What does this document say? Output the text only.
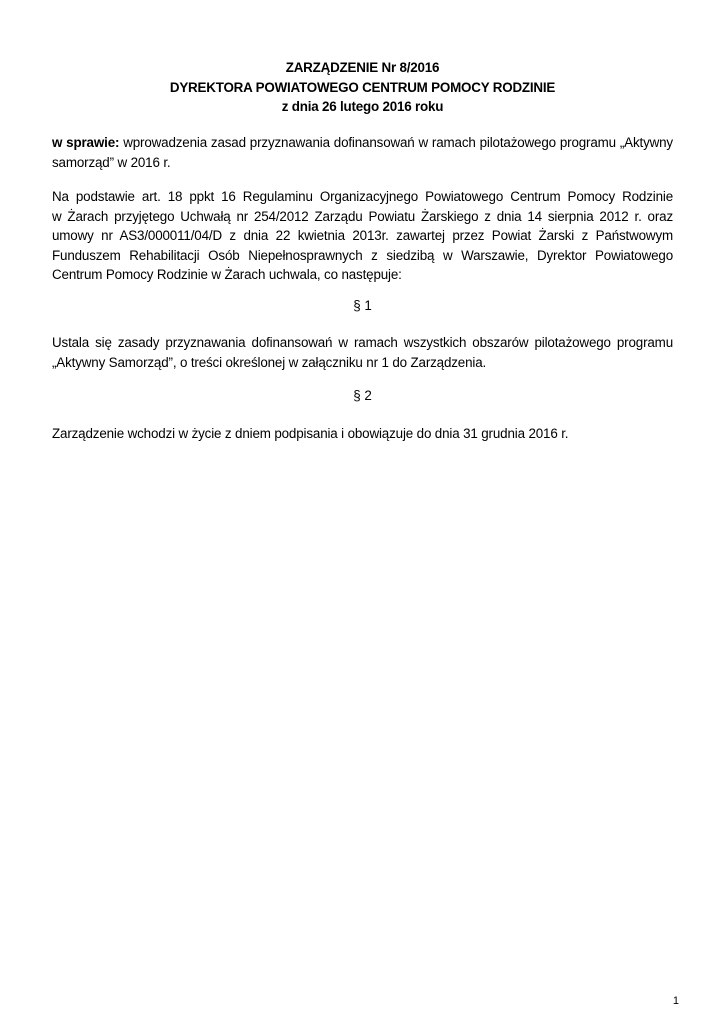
ZARZĄDZENIE Nr 8/2016
DYREKTORA POWIATOWEGO CENTRUM POMOCY RODZINIE
z dnia 26 lutego 2016 roku
w sprawie: wprowadzenia zasad przyznawania dofinansowań w ramach pilotażowego programu „Aktywny
samorząd” w 2016 r.
Na podstawie art. 18 ppkt 16 Regulaminu Organizacyjnego Powiatowego Centrum Pomocy Rodzinie
w Żarach przyjętego Uchwałą nr 254/2012 Zarządu Powiatu Żarskiego z dnia 14 sierpnia 2012 r. oraz
umowy nr AS3/000011/04/D z dnia 22 kwietnia 2013r. zawartej przez Powiat Żarski z Państwowym
Funduszem Rehabilitacji Osób Niepełnosprawnych z siedzibą w Warszawie, Dyrektor Powiatowego
Centrum Pomocy Rodzinie w Żarach uchwala, co następuje:
§ 1
Ustala się zasady przyznawania dofinansowań w ramach wszystkich obszarów pilotażowego programu
„Aktywny Samorząd”, o treści określonej w załączniku nr 1 do Zarządzenia.
§ 2
Zarządzenie wchodzi w życie z dniem podpisania i obowiązuje do dnia 31 grudnia 2016 r.
1
